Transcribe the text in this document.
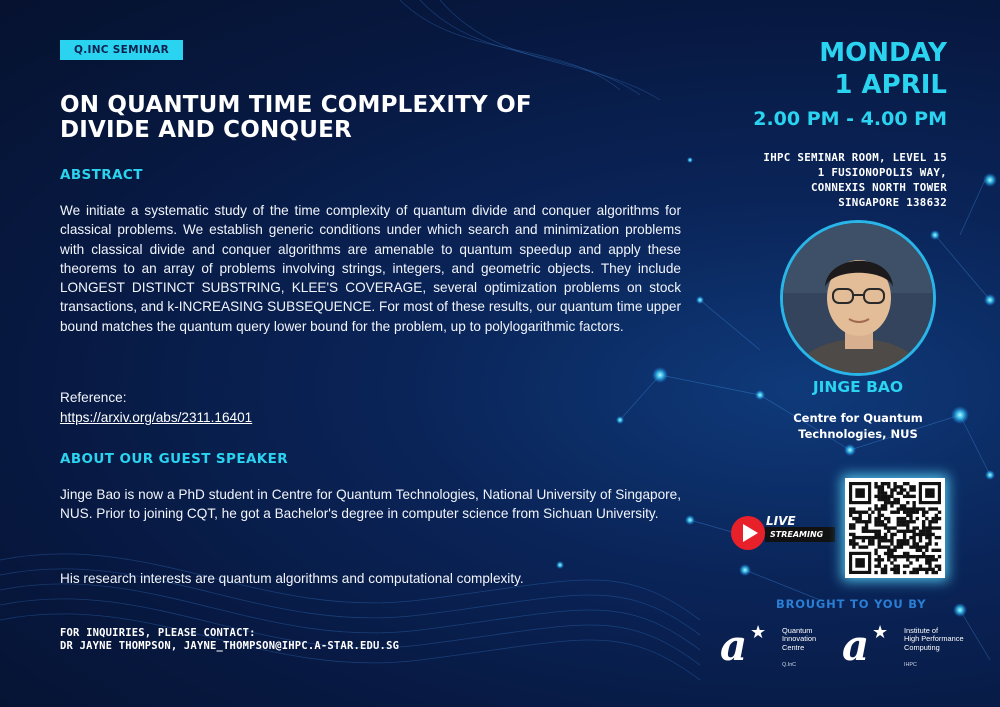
Q.INC SEMINAR
ON QUANTUM TIME COMPLEXITY OF DIVIDE AND CONQUER
ABSTRACT
We initiate a systematic study of the time complexity of quantum divide and conquer algorithms for classical problems. We establish generic conditions under which search and minimization problems with classical divide and conquer algorithms are amenable to quantum speedup and apply these theorems to an array of problems involving strings, integers, and geometric objects. They include LONGEST DISTINCT SUBSTRING, KLEE'S COVERAGE, several optimization problems on stock transactions, and k-INCREASING SUBSEQUENCE. For most of these results, our quantum time upper bound matches the quantum query lower bound for the problem, up to polylogarithmic factors.
Reference:
https://arxiv.org/abs/2311.16401
ABOUT OUR GUEST SPEAKER
Jinge Bao is now a PhD student in Centre for Quantum Technologies, National University of Singapore, NUS. Prior to joining CQT, he got a Bachelor's degree in computer science from Sichuan University.
His research interests are quantum algorithms and computational complexity.
FOR INQUIRIES, PLEASE CONTACT:
DR JAYNE THOMPSON, JAYNE_THOMPSON@IHPC.A-STAR.EDU.SG
MONDAY
1 APRIL
2.00 PM - 4.00 PM
IHPC SEMINAR ROOM, LEVEL 15
1 FUSIONOPOLIS WAY,
CONNEXIS NORTH TOWER
SINGAPORE 138632
JINGE BAO
Centre for Quantum
Technologies, NUS
LIVE
STREAMING
BROUGHT TO YOU BY
a ★ Quantum
Innovation
Centre
Q.InC a ★ Institute of
High Performance
Computing
IHPC
